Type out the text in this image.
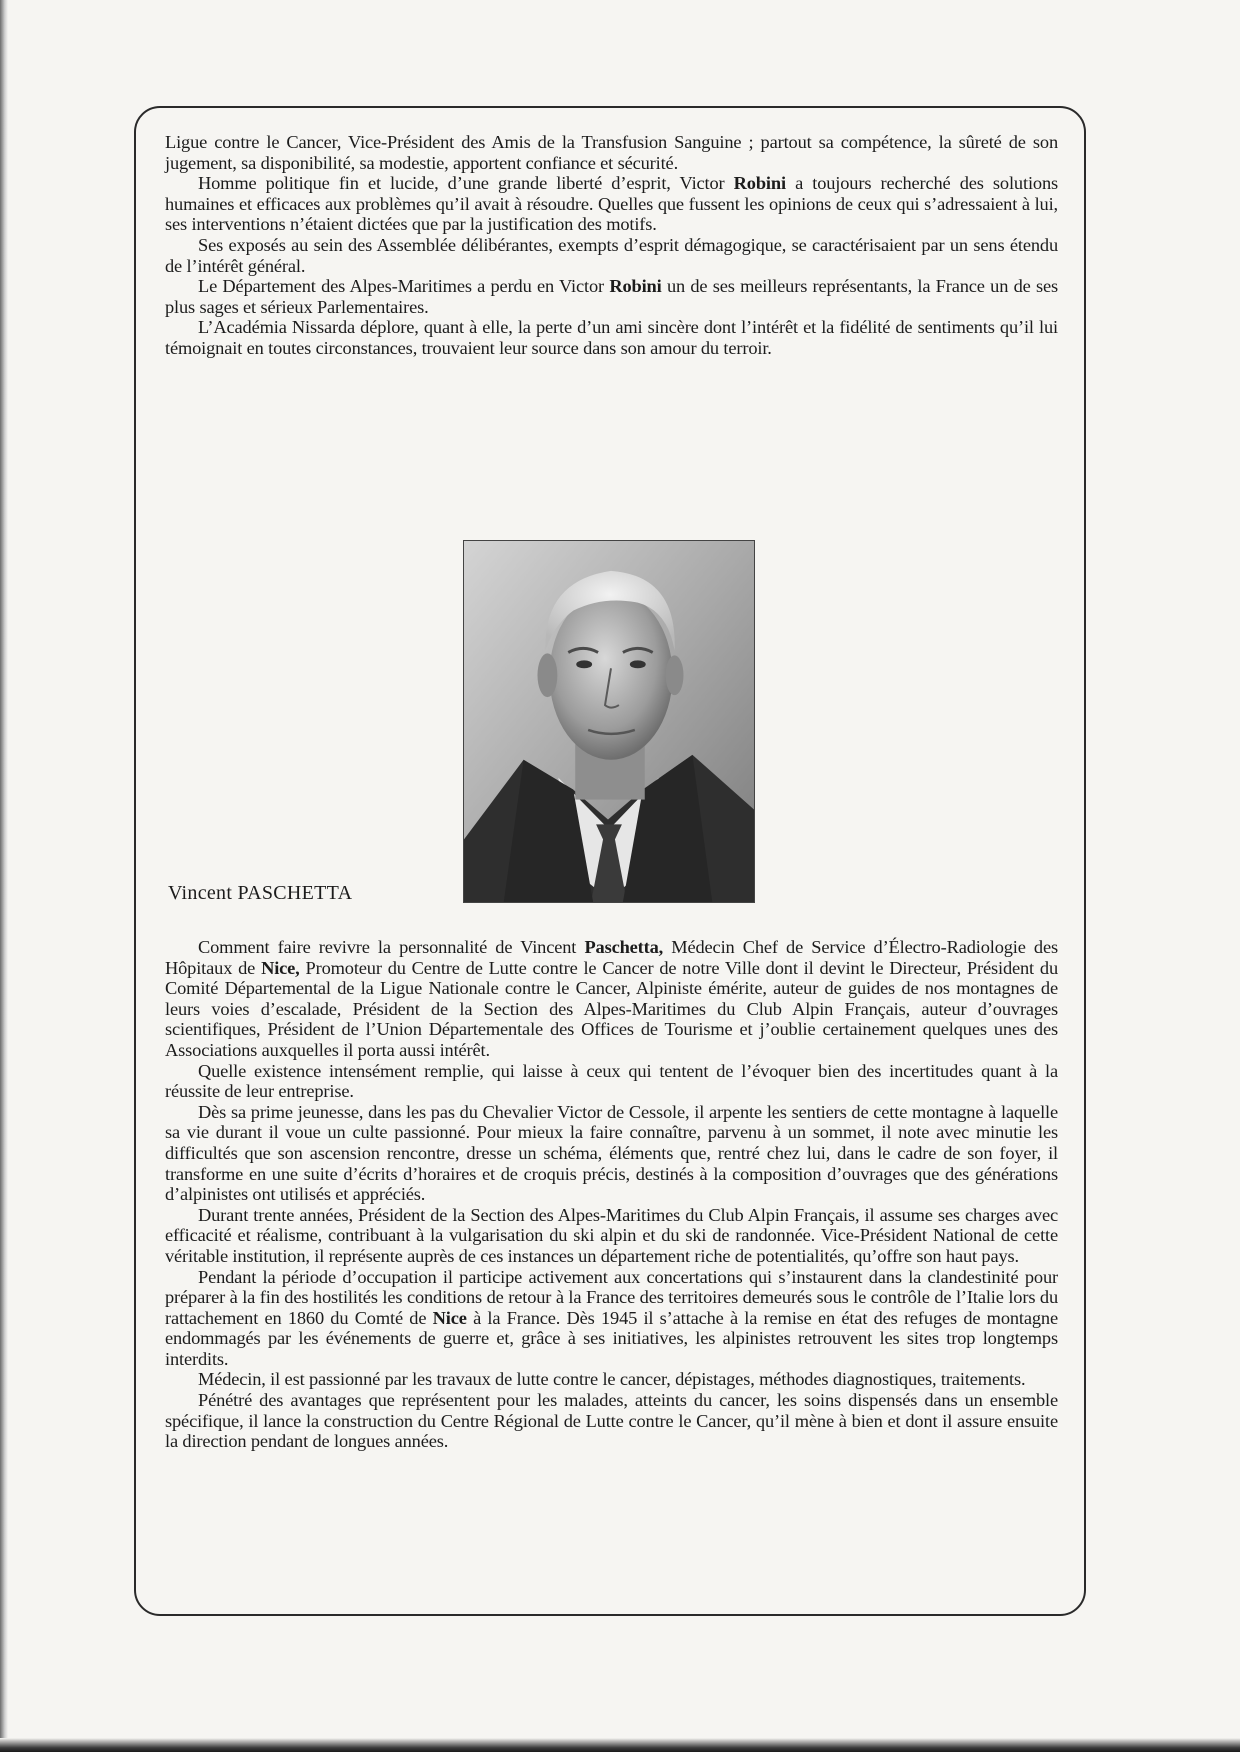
Ligue contre le Cancer, Vice-Président des Amis de la Transfusion Sanguine ; partout sa compétence, la sûreté de son jugement, sa disponibilité, sa modestie, apportent confiance et sécurité.

Homme politique fin et lucide, d’une grande liberté d’esprit, Victor Robini a toujours recherché des solutions humaines et efficaces aux problèmes qu’il avait à résoudre. Quelles que fussent les opinions de ceux qui s’adressaient à lui, ses interventions n’étaient dictées que par la justification des motifs.

Ses exposés au sein des Assemblée délibérantes, exempts d’esprit démagogique, se caractérisaient par un sens étendu de l’intérêt général.

Le Département des Alpes-Maritimes a perdu en Victor Robini un de ses meilleurs représentants, la France un de ses plus sages et sérieux Parlementaires.

L’Académia Nissarda déplore, quant à elle, la perte d’un ami sincère dont l’intérêt et la fidélité de sentiments qu’il lui témoignait en toutes circonstances, trouvaient leur source dans son amour du terroir.

Vincent PASCHETTA

Comment faire revivre la personnalité de Vincent Paschetta, Médecin Chef de Service d’Électro-Radiologie des Hôpitaux de Nice, Promoteur du Centre de Lutte contre le Cancer de notre Ville dont il devint le Directeur, Président du Comité Départemental de la Ligue Nationale contre le Cancer, Alpiniste émérite, auteur de guides de nos montagnes de leurs voies d’escalade, Président de la Section des Alpes-Maritimes du Club Alpin Français, auteur d’ouvrages scientifiques, Président de l’Union Départementale des Offices de Tourisme et j’oublie certainement quelques unes des Associations auxquelles il porta aussi intérêt.

Quelle existence intensément remplie, qui laisse à ceux qui tentent de l’évoquer bien des incertitudes quant à la réussite de leur entreprise.

Dès sa prime jeunesse, dans les pas du Chevalier Victor de Cessole, il arpente les sentiers de cette montagne à laquelle sa vie durant il voue un culte passionné. Pour mieux la faire connaître, parvenu à un sommet, il note avec minutie les difficultés que son ascension rencontre, dresse un schéma, éléments que, rentré chez lui, dans le cadre de son foyer, il transforme en une suite d’écrits d’horaires et de croquis précis, destinés à la composition d’ouvrages que des générations d’alpinistes ont utilisés et appréciés.

Durant trente années, Président de la Section des Alpes-Maritimes du Club Alpin Français, il assume ses charges avec efficacité et réalisme, contribuant à la vulgarisation du ski alpin et du ski de randonnée. Vice-Président National de cette véritable institution, il représente auprès de ces instances un département riche de potentialités, qu’offre son haut pays.

Pendant la période d’occupation il participe activement aux concertations qui s’instaurent dans la clandestinité pour préparer à la fin des hostilités les conditions de retour à la France des territoires demeurés sous le contrôle de l’Italie lors du rattachement en 1860 du Comté de Nice à la France. Dès 1945 il s’attache à la remise en état des refuges de montagne endommagés par les événements de guerre et, grâce à ses initiatives, les alpinistes retrouvent les sites trop longtemps interdits.

Médecin, il est passionné par les travaux de lutte contre le cancer, dépistages, méthodes diagnostiques, traitements.

Pénétré des avantages que représentent pour les malades, atteints du cancer, les soins dispensés dans un ensemble spécifique, il lance la construction du Centre Régional de Lutte contre le Cancer, qu’il mène à bien et dont il assure ensuite la direction pendant de longues années.
